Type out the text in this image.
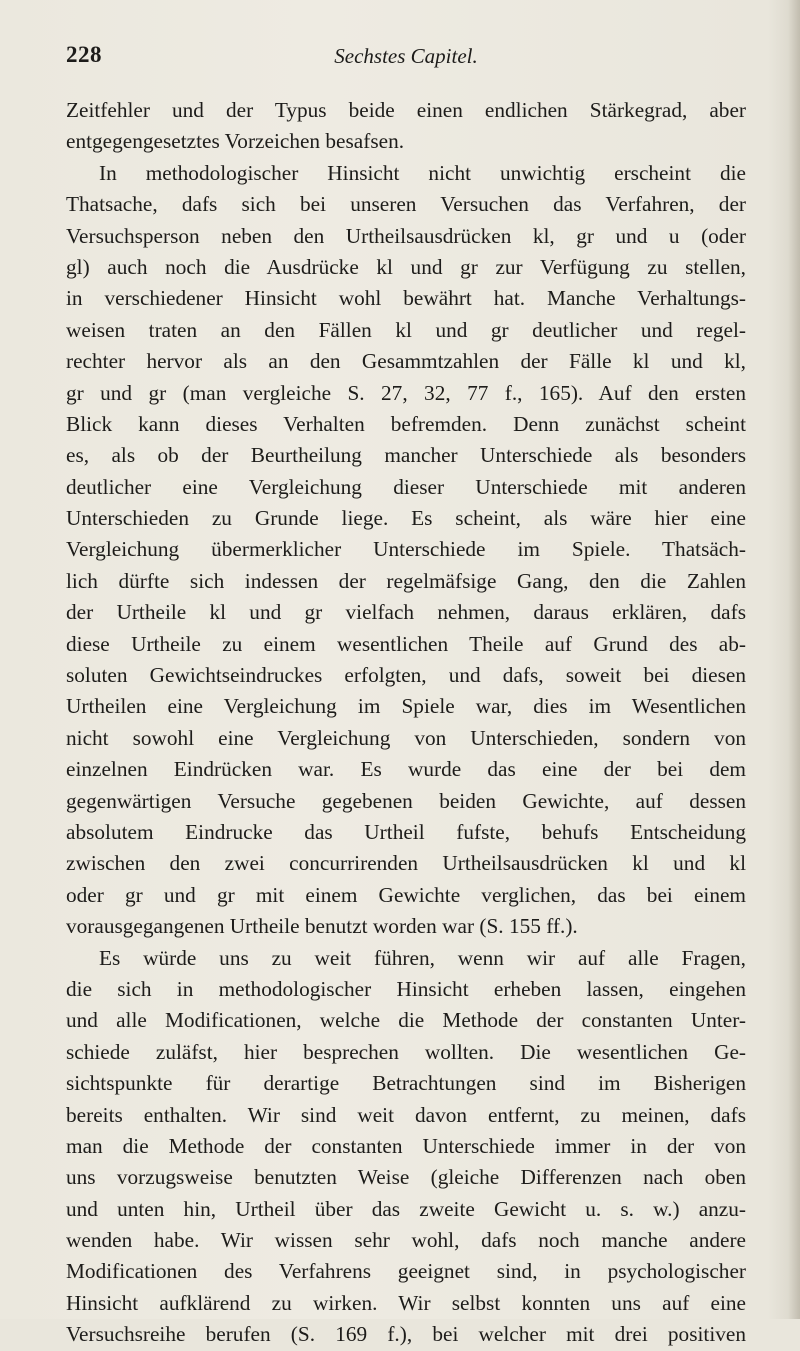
228	Sechstes Capitel.
Zeitfehler und der Typus beide einen endlichen Stärkegrad, aber
entgegengesetztes Vorzeichen besafsen.
In methodologischer Hinsicht nicht unwichtig erscheint die
Thatsache, dafs sich bei unseren Versuchen das Verfahren, der
Versuchsperson neben den Urtheilsausdrücken kl, gr und u (oder
gl) auch noch die Ausdrücke kl und gr zur Verfügung zu stellen,
in verschiedener Hinsicht wohl bewährt hat. Manche Verhaltungs-
weisen traten an den Fällen kl und gr deutlicher und regel-
rechter hervor als an den Gesammtzahlen der Fälle kl und kl,
gr und gr (man vergleiche S. 27, 32, 77 f., 165). Auf den ersten
Blick kann dieses Verhalten befremden. Denn zunächst scheint
es, als ob der Beurtheilung mancher Unterschiede als besonders
deutlicher eine Vergleichung dieser Unterschiede mit anderen
Unterschieden zu Grunde liege. Es scheint, als wäre hier eine
Vergleichung übermerklicher Unterschiede im Spiele. Thatsäch-
lich dürfte sich indessen der regelmäfsige Gang, den die Zahlen
der Urtheile kl und gr vielfach nehmen, daraus erklären, dafs
diese Urtheile zu einem wesentlichen Theile auf Grund des ab-
soluten Gewichtseindruckes erfolgten, und dafs, soweit bei diesen
Urtheilen eine Vergleichung im Spiele war, dies im Wesentlichen
nicht sowohl eine Vergleichung von Unterschieden, sondern von
einzelnen Eindrücken war. Es wurde das eine der bei dem
gegenwärtigen Versuche gegebenen beiden Gewichte, auf dessen
absolutem Eindrucke das Urtheil fufste, behufs Entscheidung
zwischen den zwei concurrirenden Urtheilsausdrücken kl und kl
oder gr und gr mit einem Gewichte verglichen, das bei einem
vorausgegangenen Urtheile benutzt worden war (S. 155 ff.).
Es würde uns zu weit führen, wenn wir auf alle Fragen,
die sich in methodologischer Hinsicht erheben lassen, eingehen
und alle Modificationen, welche die Methode der constanten Unter-
schiede zuläfst, hier besprechen wollten. Die wesentlichen Ge-
sichtspunkte für derartige Betrachtungen sind im Bisherigen
bereits enthalten. Wir sind weit davon entfernt, zu meinen, dafs
man die Methode der constanten Unterschiede immer in der von
uns vorzugsweise benutzten Weise (gleiche Differenzen nach oben
und unten hin, Urtheil über das zweite Gewicht u. s. w.) anzu-
wenden habe. Wir wissen sehr wohl, dafs noch manche andere
Modificationen des Verfahrens geeignet sind, in psychologischer
Hinsicht aufklärend zu wirken. Wir selbst konnten uns auf eine
Versuchsreihe berufen (S. 169 f.), bei welcher mit drei positiven
